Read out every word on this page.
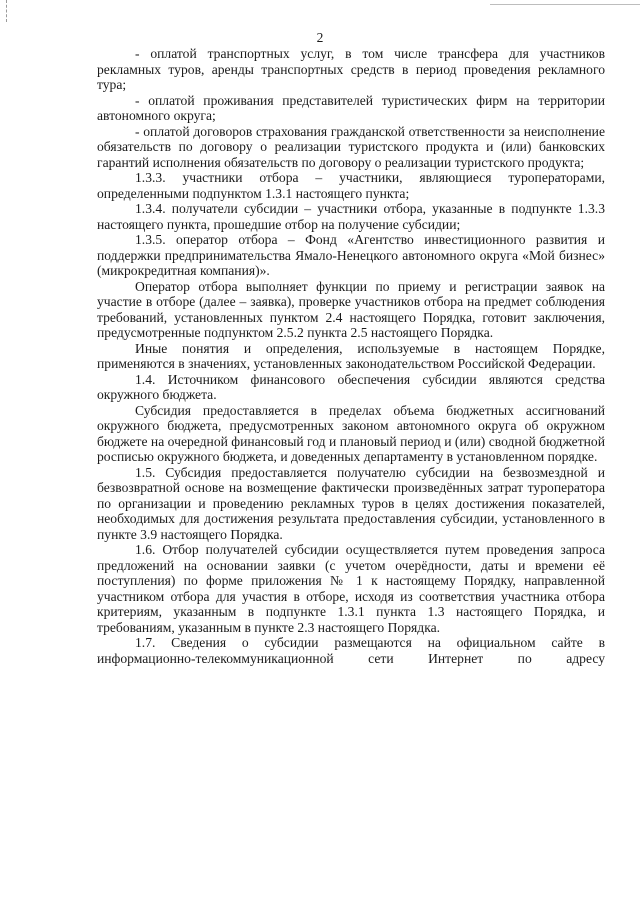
2

- оплатой транспортных услуг, в том числе трансфера для участников рекламных туров, аренды транспортных средств в период проведения рекламного тура;

- оплатой проживания представителей туристических фирм на территории автономного округа;

- оплатой договоров страхования гражданской ответственности за неисполнение обязательств по договору о реализации туристского продукта и (или) банковских гарантий исполнения обязательств по договору о реализации туристского продукта;

1.3.3. участники отбора – участники, являющиеся туроператорами, определенными подпунктом 1.3.1 настоящего пункта;

1.3.4. получатели субсидии – участники отбора, указанные в подпункте 1.3.3 настоящего пункта, прошедшие отбор на получение субсидии;

1.3.5. оператор отбора – Фонд «Агентство инвестиционного развития и поддержки предпринимательства Ямало-Ненецкого автономного округа «Мой бизнес» (микрокредитная компания)».

Оператор отбора выполняет функции по приему и регистрации заявок на участие в отборе (далее – заявка), проверке участников отбора на предмет соблюдения требований, установленных пунктом 2.4 настоящего Порядка, готовит заключения, предусмотренные подпунктом 2.5.2 пункта 2.5 настоящего Порядка.

Иные понятия и определения, используемые в настоящем Порядке, применяются в значениях, установленных законодательством Российской Федерации.

1.4. Источником финансового обеспечения субсидии являются средства окружного бюджета.

Субсидия предоставляется в пределах объема бюджетных ассигнований окружного бюджета, предусмотренных законом автономного округа об окружном бюджете на очередной финансовый год и плановый период и (или) сводной бюджетной росписью окружного бюджета, и доведенных департаменту в установленном порядке.

1.5. Субсидия предоставляется получателю субсидии на безвозмездной и безвозвратной основе на возмещение фактически произведённых затрат туроператора по организации и проведению рекламных туров в целях достижения показателей, необходимых для достижения результата предоставления субсидии, установленного в пункте 3.9 настоящего Порядка.

1.6. Отбор получателей субсидии осуществляется путем проведения запроса предложений на основании заявки (с учетом очерёдности, даты и времени её поступления) по форме приложения № 1 к настоящему Порядку, направленной участником отбора для участия в отборе, исходя из соответствия участника отбора критериям, указанным в подпункте 1.3.1 пункта 1.3 настоящего Порядка, и требованиям, указанным в пункте 2.3 настоящего Порядка.

1.7. Сведения о субсидии размещаются на официальном сайте в информационно-телекоммуникационной сети Интернет по адресу
